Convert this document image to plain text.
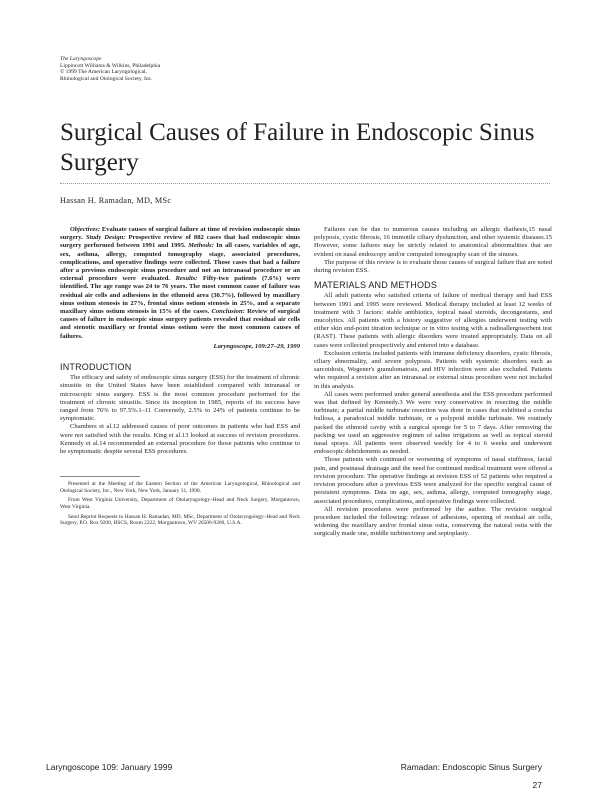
The Laryngoscope
Lippincott Williams & Wilkins, Philadelphia
© 1999 The American Laryngological,
Rhinological and Otological Society, Inc.
Surgical Causes of Failure in Endoscopic Sinus Surgery
Hassan H. Ramadan, MD, MSc

Objectives: Evaluate causes of surgical failure at time of revision endoscopic sinus surgery. Study Design: Prospective review of 882 cases that had endoscopic sinus surgery performed between 1991 and 1995. Methods: In all cases, variables of age, sex, asthma, allergy, computed tomography stage, associated procedures, complications, and operative findings were collected. Those cases that had a failure after a previous endoscopic sinus procedure and not an intranasal procedure or an external procedure were evaluated. Results: Fifty-two patients (7.6%) were identified. The age range was 24 to 76 years. The most common cause of failure was residual air cells and adhesions in the ethmoid area (30.7%), followed by maxillary sinus ostium stenosis in 27%, frontal sinus ostium stenosis in 25%, and a separate maxillary sinus ostium stenosis in 15% of the cases. Conclusion: Review of surgical causes of failure in endoscopic sinus surgery patients revealed that residual air cells and stenotic maxillary or frontal sinus ostium were the most common causes of failures.

Laryngoscope, 109:27–29, 1999

INTRODUCTION

The efficacy and safety of endoscopic sinus surgery (ESS) for the treatment of chronic sinusitis in the United States have been established compared with intranasal or microscopic sinus surgery. ESS is the most common procedure performed for the treatment of chronic sinusitis. Since its inception in 1985, reports of its success have ranged from 76% to 97.5%.1–11 Conversely, 2.5% to 24% of patients continue to be symptomatic.

Chambers et al.12 addressed causes of poor outcomes in patients who had ESS and were not satisfied with the results. King et al.13 looked at success of revision procedures. Kennedy et al.14 recommended an external procedure for those patients who continue to be symptomatic despite several ESS procedures.

Presented at the Meeting of the Eastern Section of the American Laryngological, Rhinological and Otological Society, Inc., New York, New York, January 31, 1998.

From West Virginia University, Department of Otolaryngology–Head and Neck Surgery, Morgantown, West Virginia.

Send Reprint Requests to Hassan H. Ramadan, MD, MSc, Department of Otolaryngology–Head and Neck Surgery, P.O. Box 9200, HSCS, Room 2222, Morgantown, WV 26506-9200, U.S.A.

Failures can be due to numerous causes including an allergic diathesis,15 nasal polyposis, cystic fibrosis, 16 immotile ciliary dysfunction, and other systemic diseases.15 However, some failures may be strictly related to anatomical abnormalities that are evident on nasal endoscopy and/or computed tomography scan of the sinuses.

The purpose of this review is to evaluate those causes of surgical failure that are noted during revision ESS.

MATERIALS AND METHODS

All adult patients who satisfied criteria of failure of medical therapy and had ESS between 1991 and 1995 were reviewed. Medical therapy included at least 12 weeks of treatment with 3 factors: stable antibiotics, topical nasal steroids, decongestants, and mucolytics. All patients with a history suggestive of allergies underwent testing with either skin end-point titration technique or in vitro testing with a radioallergosorbent test (RAST). These patients with allergic disorders were treated appropriately. Data on all cases were collected prospectively and entered into a database.

Exclusion criteria included patients with immune deficiency disorders, cystic fibrosis, ciliary abnormality, and severe polyposis. Patients with systemic disorders such as sarcoidosis, Wegener's granulomatosis, and HIV infection were also excluded. Patients who required a revision after an intranasal or external sinus procedure were not included in this analysis.

All cases were performed under general anesthesia and the ESS procedure performed was that defined by Kennedy.3 We were very conservative in resecting the middle turbinate; a partial middle turbinate resection was done in cases that exhibited a concha bullosa, a paradoxical middle turbinate, or a polypoid middle turbinate. We routinely packed the ethmoid cavity with a surgical sponge for 5 to 7 days. After removing the packing we used an aggressive regimen of saline irrigations as well as topical steroid nasal sprays. All patients were observed weekly for 4 to 6 weeks and underwent endoscopic debridements as needed.

Those patients with continued or worsening of symptoms of nasal stuffiness, facial pain, and postnasal drainage and the need for continued medical treatment were offered a revision procedure. The operative findings at revision ESS of 52 patients who required a revision procedure after a previous ESS were analyzed for the specific surgical cause of persistent symptoms. Data on age, sex, asthma, allergy, computed tomography stage, associated procedures, complications, and operative findings were collected.

All revision procedures were performed by the author. The revision surgical procedure included the following: release of adhesions, opening of residual air cells, widening the maxillary and/or frontal sinus ostia, conserving the natural ostia with the surgically made one, middle turbinectomy and septoplasty.

Laryngoscope 109: January 1999	Ramadan: Endoscopic Sinus Surgery
27
